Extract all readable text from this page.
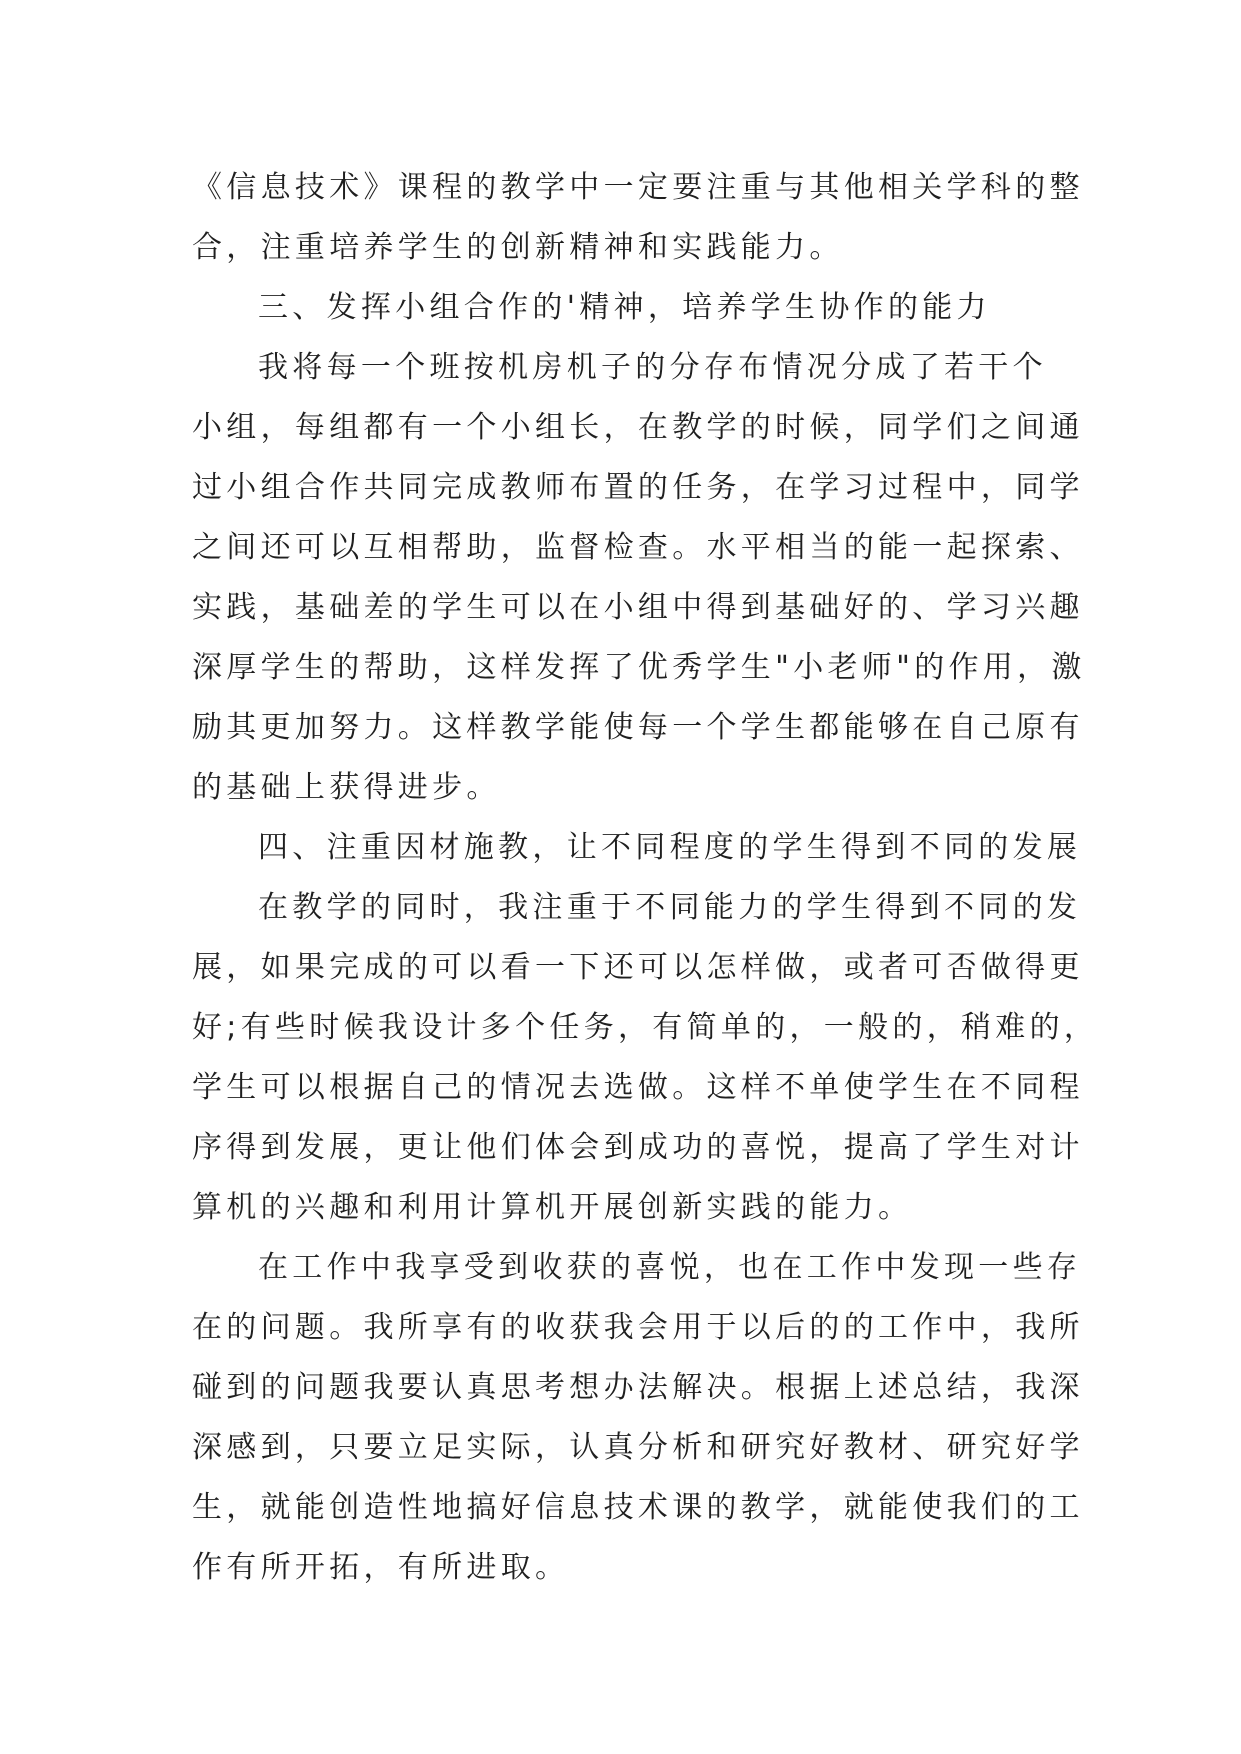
《信息技术》课程的教学中一定要注重与其他相关学科的整
合，注重培养学生的创新精神和实践能力。
三、发挥小组合作的'精神，培养学生协作的能力
我将每一个班按机房机子的分存布情况分成了若干个
小组，每组都有一个小组长，在教学的时候，同学们之间通
过小组合作共同完成教师布置的任务，在学习过程中，同学
之间还可以互相帮助，监督检查。水平相当的能一起探索、
实践，基础差的学生可以在小组中得到基础好的、学习兴趣
深厚学生的帮助，这样发挥了优秀学生"小老师"的作用，激
励其更加努力。这样教学能使每一个学生都能够在自己原有
的基础上获得进步。
四、注重因材施教，让不同程度的学生得到不同的发展
在教学的同时，我注重于不同能力的学生得到不同的发
展，如果完成的可以看一下还可以怎样做，或者可否做得更
好;有些时候我设计多个任务，有简单的，一般的，稍难的，
学生可以根据自己的情况去选做。这样不单使学生在不同程
序得到发展，更让他们体会到成功的喜悦，提高了学生对计
算机的兴趣和利用计算机开展创新实践的能力。
在工作中我享受到收获的喜悦，也在工作中发现一些存
在的问题。我所享有的收获我会用于以后的的工作中，我所
碰到的问题我要认真思考想办法解决。根据上述总结，我深
深感到，只要立足实际，认真分析和研究好教材、研究好学
生，就能创造性地搞好信息技术课的教学，就能使我们的工
作有所开拓，有所进取。
